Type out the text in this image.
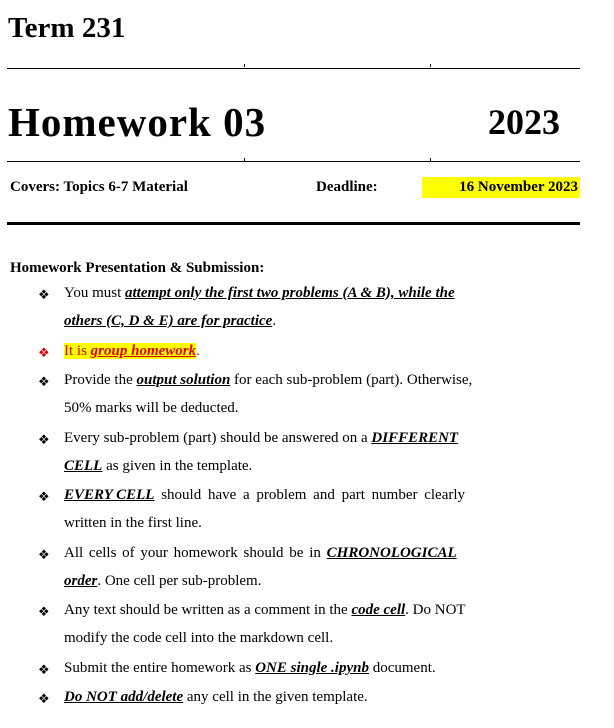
Term 231
Homework 03	2023
Covers: Topics 6-7 Material	Deadline:	16 November 2023
Homework Presentation & Submission:
❖ You must attempt only the first two problems (A & B), while the
others (C, D & E) are for practice.
❖ It is group homework.
❖ Provide the output solution for each sub-problem (part). Otherwise,
50% marks will be deducted.
❖ Every sub-problem (part) should be answered on a DIFFERENT
CELL as given in the template.
❖ EVERY CELL should have a problem and part number clearly
written in the first line.
❖ All cells of your homework should be in CHRONOLOGICAL
order. One cell per sub-problem.
❖ Any text should be written as a comment in the code cell. Do NOT
modify the code cell into the markdown cell.
❖ Submit the entire homework as ONE single .ipynb document.
❖ Do NOT add/delete any cell in the given template.
